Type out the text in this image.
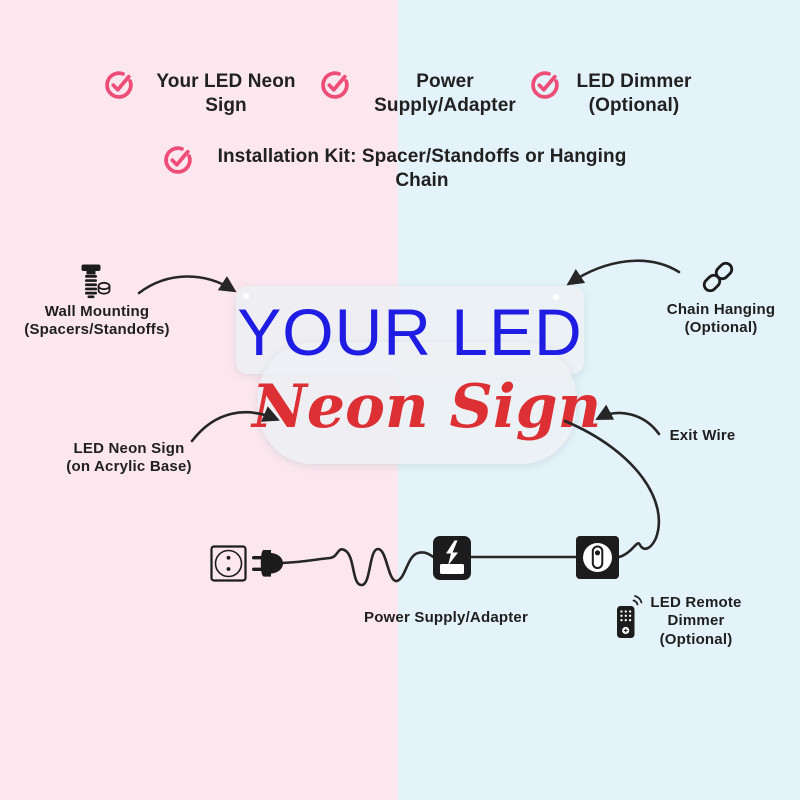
Your LED Neon
Sign
Power
Supply/Adapter
LED Dimmer
(Optional)
Installation Kit: Spacer/Standoffs or Hanging
Chain
YOUR LED
Neon Sign
Wall Mounting
(Spacers/Standoffs)
Chain Hanging
(Optional)
LED Neon Sign
(on Acrylic Base)
Exit Wire
Power Supply/Adapter
LED Remote
Dimmer
(Optional)
